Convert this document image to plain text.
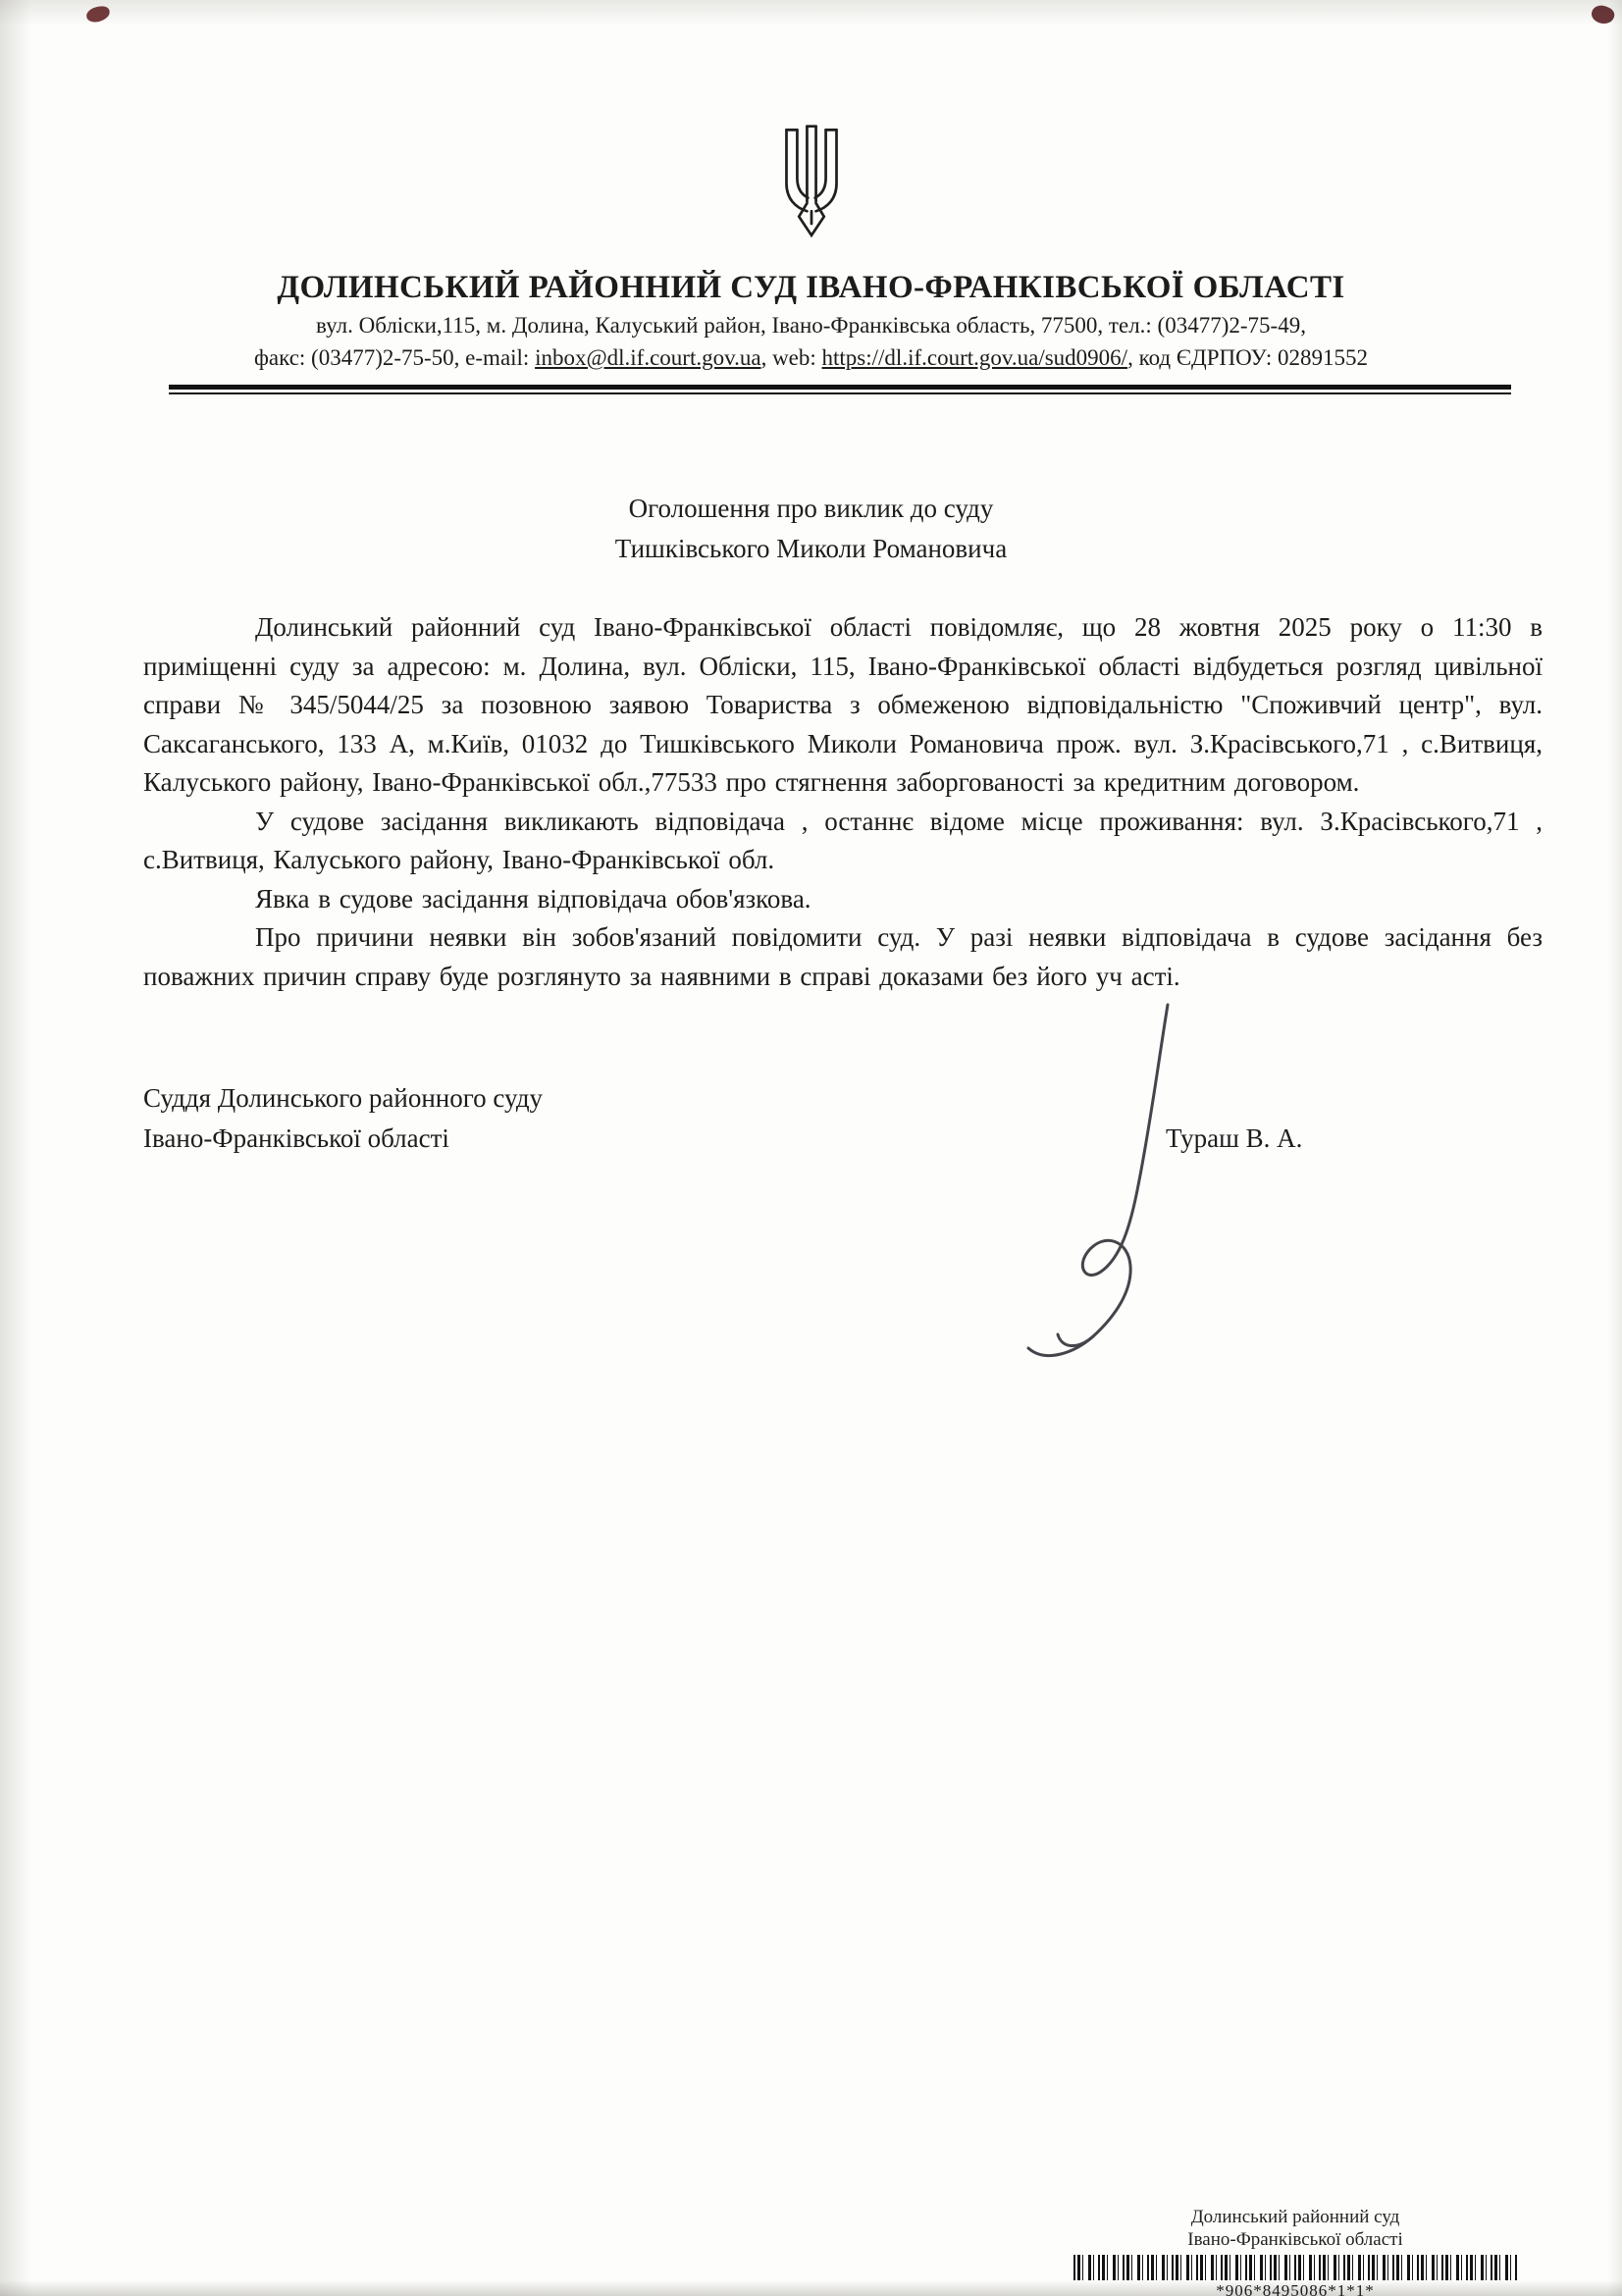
ДОЛИНСЬКИЙ РАЙОННИЙ СУД ІВАНО-ФРАНКІВСЬКОЇ ОБЛАСТІ
вул. Обліски,115, м. Долина, Калуський район, Івано-Франківська область, 77500, тел.: (03477)2-75-49,
факс: (03477)2-75-50, e-mail: inbox@dl.if.court.gov.ua, web: https://dl.if.court.gov.ua/sud0906/, код ЄДРПОУ: 02891552
Оголошення про виклик до суду
Тишківського Миколи Романовича

Долинський районний суд Івано-Франківської області повідомляє, що 28 жовтня 2025 року о 11:30 в приміщенні суду за адресою: м. Долина, вул. Обліски, 115, Івано-Франківської області відбудеться розгляд цивільної справи № 345/5044/25 за позовною заявою Товариства з обмеженою відповідальністю "Споживчий центр", вул. Саксаганського, 133 А, м.Київ, 01032 до Тишківського Миколи Романовича прож. вул. З.Красівського,71 , с.Витвиця, Калуського району, Івано-Франківської обл.,77533 про стягнення заборгованості за кредитним договором.

У судове засідання викликають відповідача , останнє відоме місце проживання: вул. З.Красівського,71 , с.Витвиця, Калуського району, Івано-Франківської обл.

Явка в судове засідання відповідача обов'язкова.

Про причини неявки він зобов'язаний повідомити суд. У разі неявки відповідача в судове засідання без поважних причин справу буде розглянуто за наявними в справі доказами без його уч асті.

Суддя Долинського районного суду
Івано-Франківської області	Тураш В. А.
Долинський районний суд
Івано-Франківської області
*906*8495086*1*1*
